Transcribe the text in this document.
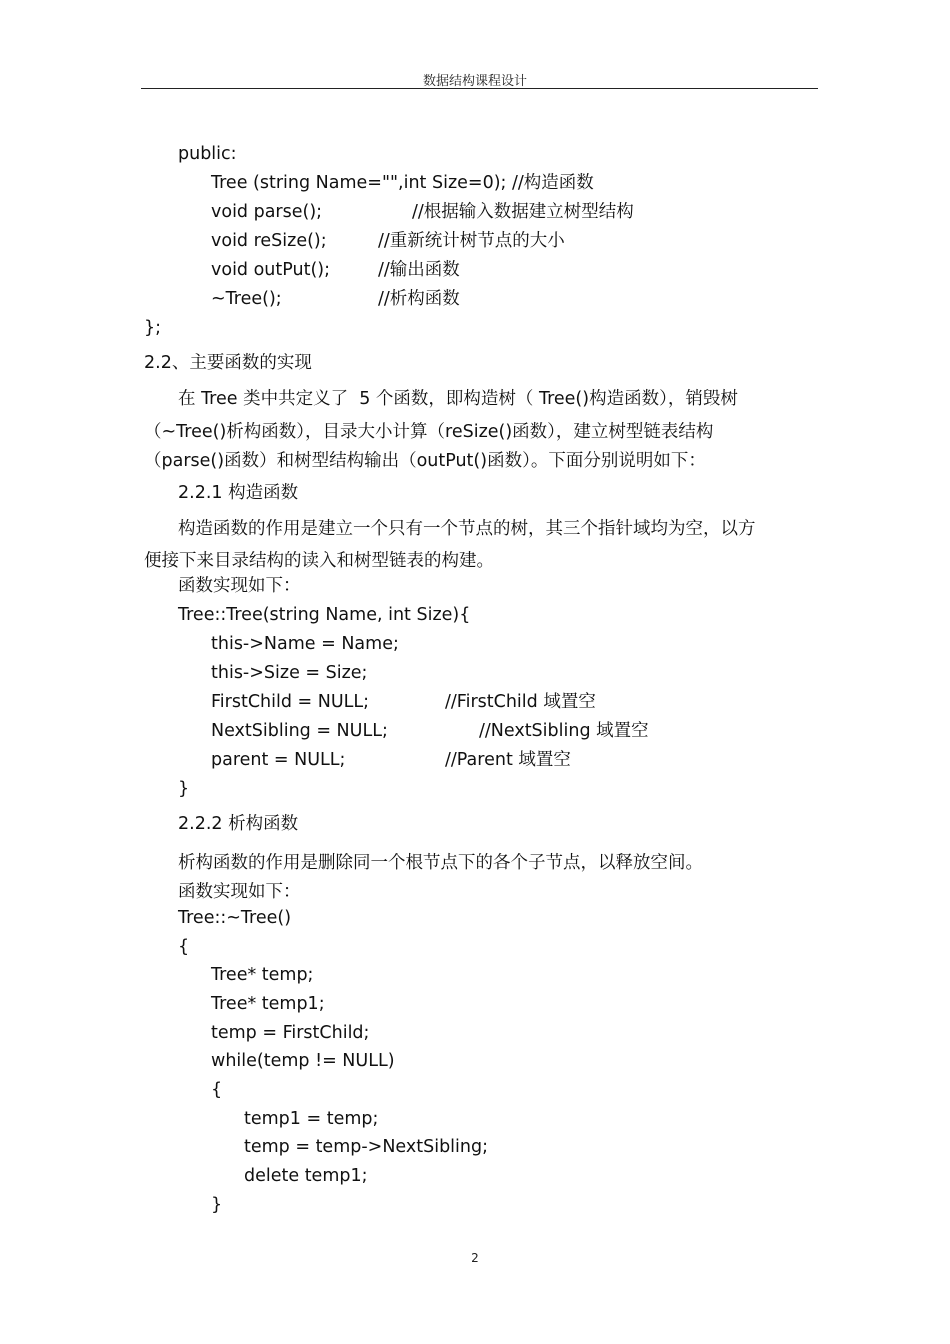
数据结构课程设计
public:
Tree (string Name="",int Size=0); //构造函数
void parse();	//根据输入数据建立树型结构
void reSize();	//重新统计树节点的大小
void outPut();	//输出函数
~Tree();	//析构函数
};
2.2、主要函数的实现
在 Tree 类中共定义了  5 个函数，即构造树（ Tree()构造函数），销毁树
（~Tree()析构函数），目录大小计算（reSize()函数），建立树型链表结构
（parse()函数）和树型结构输出（outPut()函数）。下面分别说明如下：
2.2.1 构造函数
构造函数的作用是建立一个只有一个节点的树，其三个指针域均为空，以方
便接下来目录结构的读入和树型链表的构建。
函数实现如下：
Tree::Tree(string Name, int Size){
this->Name = Name;
this->Size = Size;
FirstChild = NULL;	//FirstChild 域置空
NextSibling = NULL;	//NextSibling 域置空
parent = NULL;	//Parent 域置空
}
2.2.2 析构函数
析构函数的作用是删除同一个根节点下的各个子节点，以释放空间。
函数实现如下：
Tree::~Tree()
{
Tree* temp;
Tree* temp1;
temp = FirstChild;
while(temp != NULL)
{
temp1 = temp;
temp = temp->NextSibling;
delete temp1;
}
2
